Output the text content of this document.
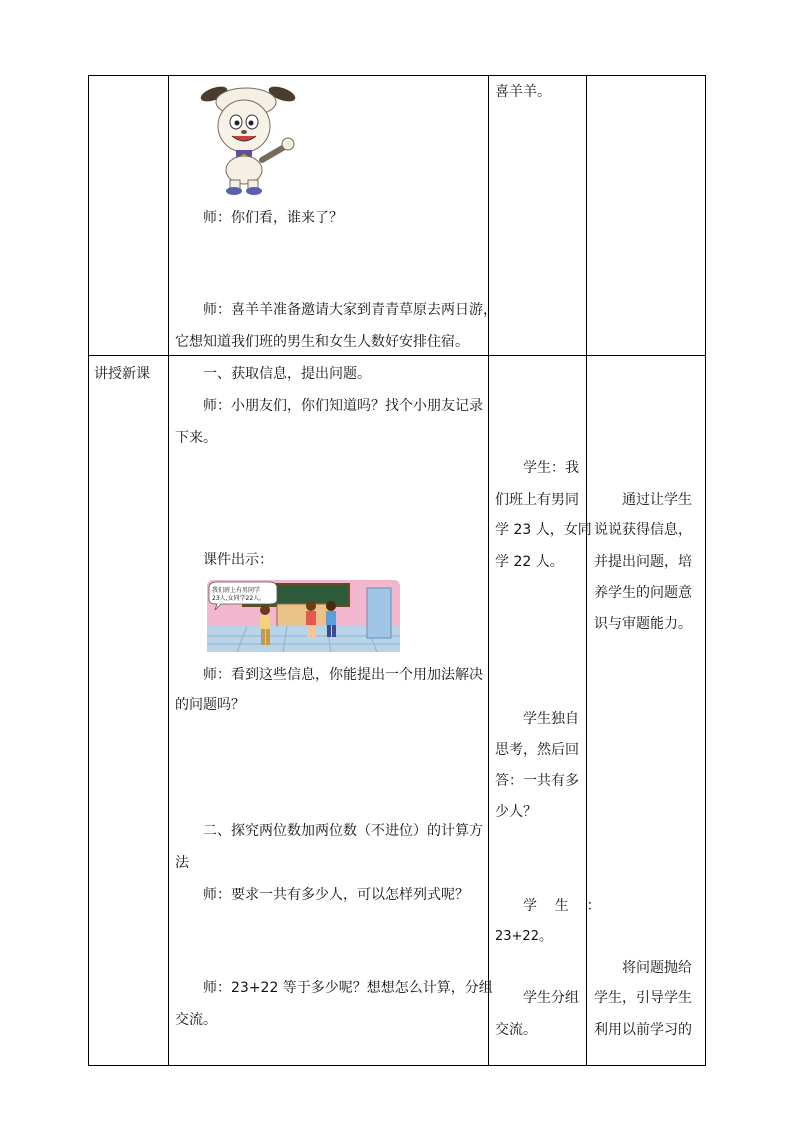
讲授新课
师：你们看，谁来了？
师：喜羊羊准备邀请大家到青青草原去两日游，
它想知道我们班的男生和女生人数好安排住宿。
一、获取信息，提出问题。
师：小朋友们，你们知道吗？找个小朋友记录
下来。
课件出示：
我们班上有男同学
23人,女同学22人。
师：看到这些信息，你能提出一个用加法解决
的问题吗？
二、探究两位数加两位数（不进位）的计算方
法
师：要求一共有多少人，可以怎样列式呢？
师：23+22 等于多少呢？想想怎么计算，分组
交流。
喜羊羊。
学生：我
们班上有男同
学 23 人，女同
学 22 人。
学生独自
思考，然后回
答：一共有多
少人？
学    生    ：
23+22。
学生分组
交流。
通过让学生
说说获得信息，
并提出问题，培
养学生的问题意
识与审题能力。
将问题抛给
学生，引导学生
利用以前学习的
